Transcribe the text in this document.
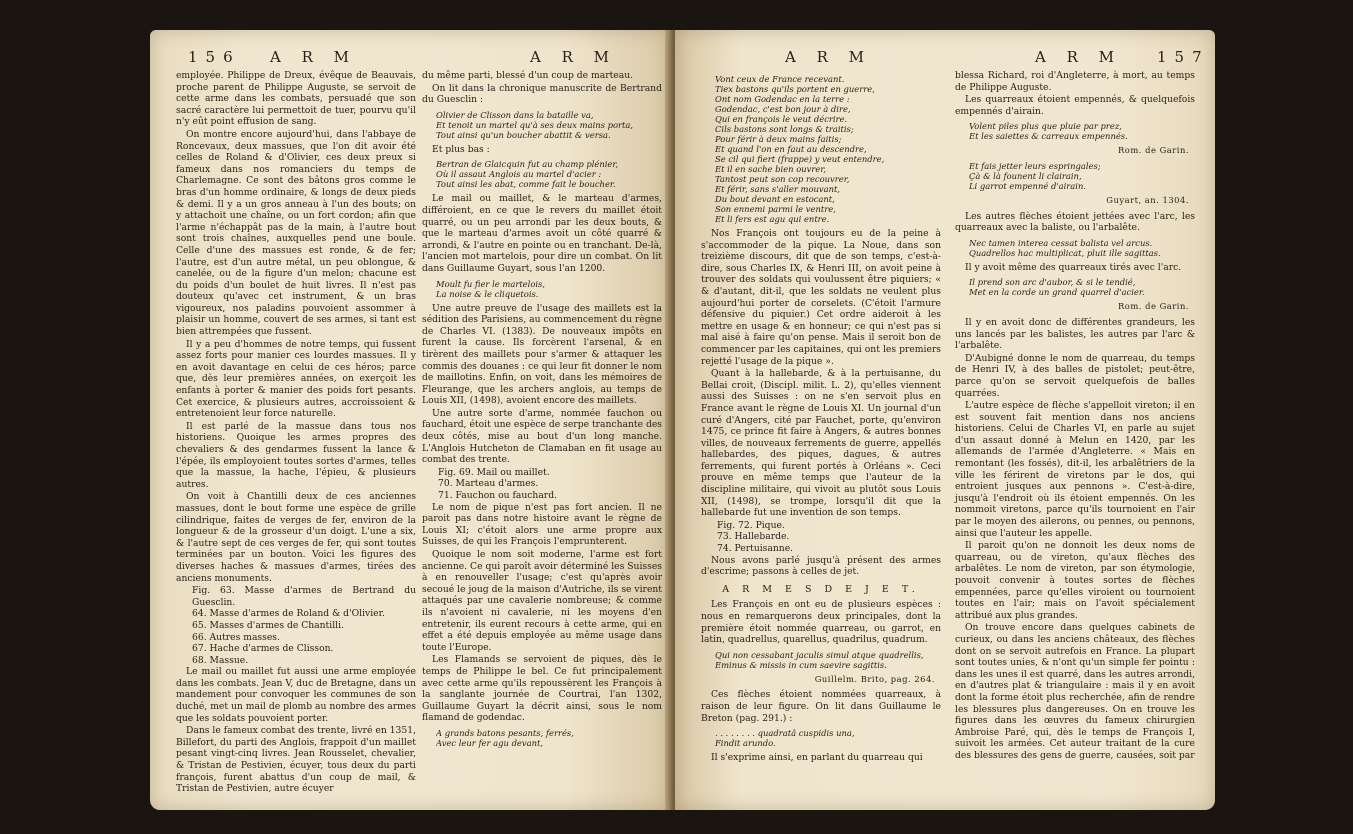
156 A R M	A R M

employée. Philippe de Dreux, évêque de Beauvais, proche parent de Philippe Auguste, se servoit de cette arme dans les combats, persuadé que son sacré caractère lui permettoit de tuer, pourvu qu'il n'y eût point effusion de sang.

On montre encore aujourd'hui, dans l'abbaye de Roncevaux, deux massues, que l'on dit avoir été celles de Roland & d'Olivier, ces deux preux si fameux dans nos romanciers du temps de Charlemagne. Ce sont des bâtons gros comme le bras d'un homme ordinaire, & longs de deux pieds & demi. Il y a un gros anneau à l'un des bouts; on y attachoit une chaîne, ou un fort cordon; afin que l'arme n'échappât pas de la main, à l'autre bout sont trois chaînes, auxquelles pend une boule. Celle d'une des massues est ronde, & de fer; l'autre, est d'un autre métal, un peu oblongue, & canelée, ou de la figure d'un melon; chacune est du poids d'un boulet de huit livres. Il n'est pas douteux qu'avec cet instrument, & un bras vigoureux, nos paladins pouvoient assommer à plaisir un homme, couvert de ses armes, si tant est bien attrempées que fussent.

Il y a peu d'hommes de notre temps, qui fussent assez forts pour manier ces lourdes massues. Il y en avoit davantage en celui de ces héros; parce que, dès leur premières années, on exerçoit les enfants à porter & manier des poids fort pesants. Cet exercice, & plusieurs autres, accroissoient & entretenoient leur force naturelle.

Il est parlé de la massue dans tous nos historiens. Quoique les armes propres des chevaliers & des gendarmes fussent la lance & l'épée, ils employoient toutes sortes d'armes, telles que la massue, la hache, l'épieu, & plusieurs autres.

On voit à Chantilli deux de ces anciennes massues, dont le bout forme une espèce de grille cilindrique, faites de verges de fer, environ de la longueur & de la grosseur d'un doigt. L'une a six, & l'autre sept de ces verges de fer, qui sont toutes terminées par un bouton. Voici les figures des diverses haches & massues d'armes, tirées des anciens monuments.

Fig. 63. Masse d'armes de Bertrand du Guesclin.
64. Masse d'armes de Roland & d'Olivier.
65. Masses d'armes de Chantilli.
66. Autres masses.
67. Hache d'armes de Clisson.
68. Massue.

Le mail ou maillet fut aussi une arme employée dans les combats. Jean V, duc de Bretagne, dans un mandement pour convoquer les communes de son duché, met un mail de plomb au nombre des armes que les soldats pouvoient porter.

Dans le fameux combat des trente, livré en 1351, Billefort, du parti des Anglois, frappoit d'un maillet pesant vingt-cinq livres. Jean Rousselet, chevalier, & Tristan de Pestivien, écuyer, tous deux du parti françois, furent abattus d'un coup de mail, & Tristan de Pestivien, autre écuyer

du même parti, blessé d'un coup de marteau.

On lit dans la chronique manuscrite de Bertrand du Guesclin :

Olivier de Clisson dans la bataille va,
Et tenoit un martel qu'à ses deux mains porta,
Tout ainsi qu'un boucher abattit & versa.

Et plus bas :

Bertran de Glaicquin fut au champ plénier,
Où il assaut Anglois au martel d'acier :
Tout ainsi les abat, comme fait le boucher.

Le mail ou maillet, & le marteau d'armes, différoient, en ce que le revers du maillet étoit quarré, ou un peu arrondi par les deux bouts, & que le marteau d'armes avoit un côté quarré & arrondi, & l'autre en pointe ou en tranchant. De-là, l'ancien mot martelois, pour dire un combat. On lit dans Guillaume Guyart, sous l'an 1200.

Moult fu fier le martelois,
La noise & le cliquetois.

Une autre preuve de l'usage des maillets est la sédition des Parisiens, au commencement du règne de Charles VI. (1383). De nouveaux impôts en furent la cause. Ils forcèrent l'arsenal, & en tirèrent des maillets pour s'armer & attaquer les commis des douanes : ce qui leur fit donner le nom de maillotins. Enfin, on voit, dans les mémoires de Fleurange, que les archers anglois, au temps de Louis XII, (1498), avoient encore des maillets.

Une autre sorte d'arme, nommée fauchon ou fauchard, étoit une espèce de serpe tranchante des deux côtés, mise au bout d'un long manche. L'Anglois Hutcheton de Clamaban en fit usage au combat des trente.

Fig. 69. Mail ou maillet.
70. Marteau d'armes.
71. Fauchon ou fauchard.

Le nom de pique n'est pas fort ancien. Il ne paroit pas dans notre histoire avant le règne de Louis XI; c'étoit alors une arme propre aux Suisses, de qui les François l'emprunterent.

Quoique le nom soit moderne, l'arme est fort ancienne. Ce qui paroît avoir déterminé les Suisses à en renouveller l'usage; c'est qu'après avoir secoué le joug de la maison d'Autriche, ils se virent attaqués par une cavalerie nombreuse; & comme ils n'avoient ni cavalerie, ni les moyens d'en entretenir, ils eurent recours à cette arme, qui en effet a été depuis employée au même usage dans toute l'Europe.

Les Flamands se servoient de piques, dès le temps de Philippe le bel. Ce fut principalement avec cette arme qu'ils repoussèrent les François à la sanglante journée de Courtrai, l'an 1302, Guillaume Guyart la décrit ainsi, sous le nom flamand de godendac.

A grands batons pesants, ferrés,
Avec leur fer agu devant,
A R M	A R M 157
Vont ceux de France recevant.
Tiex bastons qu'ils portent en guerre,
Ont nom Godendac en la terre :
Godendac, c'est bon jour à dire,
Qui en françois le veut décrire.
Cils bastons sont longs & traitis;
Pour férir à deux mains faitis;
Et quand l'on en faut au descendre,
Se cil qui fiert (frappe) y veut entendre,
Et il en sache bien ouvrer,
Tantost peut son cop recouvrer,
Et férir, sans s'aller mouvant,
Du bout devant en estocant,
Son ennemi parmi le ventre,
Et li fers est agu qui entre.

Nos François ont toujours eu de la peine à s'accommoder de la pique. La Noue, dans son treizième discours, dit que de son temps, c'est-à-dire, sous Charles IX, & Henri III, on avoit peine à trouver des soldats qui voulussent être piquiers; « & d'autant, dit-il, que les soldats ne veulent plus aujourd'hui porter de corselets. (C'étoit l'armure défensive du piquier.) Cet ordre aideroit à les mettre en usage & en honneur; ce qui n'est pas si mal aisé à faire qu'on pense. Mais il seroit bon de commencer par les capitaines, qui ont les premiers rejetté l'usage de la pique ».

Quant à la hallebarde, & à la pertuisanne, du Bellai croit, (Discipl. milit. L. 2), qu'elles viennent aussi des Suisses : on ne s'en servoit plus en France avant le règne de Louis XI. Un journal d'un curé d'Angers, cité par Fauchet, porte, qu'environ 1475, ce prince fit faire à Angers, & autres bonnes villes, de nouveaux ferrements de guerre, appellés hallebardes, des piques, dagues, & autres ferrements, qui furent portés à Orléans ». Ceci prouve en même temps que l'auteur de la discipline militaire, qui vivoit au plutôt sous Louis XII, (1498), se trompe, lorsqu'il dit que la hallebarde fut une invention de son temps.

Fig. 72. Pique.
73. Hallebarde.
74. Pertuisanne.

Nous avons parlé jusqu'à présent des armes d'escrime; passons à celles de jet.

A R M E S D E J E T.

Les François en ont eu de plusieurs espèces : nous en remarquerons deux principales, dont la première étoit nommée quarreau, ou garrot, en latin, quadrellus, quarellus, quadrilus, quadrum.

Qui non cessabant jaculis simul atque quadrellis,
Eminus & missis in cum saevire sagittis.
Guillelm. Brito, pag. 264.

Ces flèches étoient nommées quarreaux, à raison de leur figure. On lit dans Guillaume le Breton (pag. 291.) :

. . . . . . . . quadratâ cuspidis una,
Findit arundo.

Il s'exprime ainsi, en parlant du quarreau qui

blessa Richard, roi d'Angleterre, à mort, au temps de Philippe Auguste.

Les quarreaux étoient empennés, & quelquefois empennés d'airain.

Volent piles plus que pluie par prez,
Et les saiettes & carreaux empennés.
Rom. de Garin.
Et fais jetter leurs espringales;
Çà & là founent li clairain,
Li garrot empenné d'airain.
Guyart, an. 1304.

Les autres flèches étoient jettées avec l'arc, les quarreaux avec la baliste, ou l'arbalête.

Nec tamen interea cessat balista vel arcus.
Quadrellos hac multiplicat, pluit ille sagittas.

Il y avoit même des quarreaux tirés avec l'arc.

Il prend son arc d'aubor, & si le tendié,
Met en la corde un grand quarrel d'acier.
Rom. de Garin.

Il y en avoit donc de différentes grandeurs, les uns lancés par les balistes, les autres par l'arc & l'arbalête.

D'Aubigné donne le nom de quarreau, du temps de Henri IV, à des balles de pistolet; peut-être, parce qu'on se servoit quelquefois de balles quarrées.

L'autre espèce de flèche s'appelloit vireton; il en est souvent fait mention dans nos anciens historiens. Celui de Charles VI, en parle au sujet d'un assaut donné à Melun en 1420, par les allemands de l'armée d'Angleterre. « Mais en remontant (les fossés), dit-il, les arbalêtriers de la ville les férirent de viretons par le dos, qui entroient jusques aux pennons ». C'est-à-dire, jusqu'à l'endroit où ils étoient empennés. On les nommoit viretons, parce qu'ils tournoient en l'air par le moyen des ailerons, ou pennes, ou pennons, ainsi que l'auteur les appelle.

Il paroit qu'on ne donnoit les deux noms de quarreau, ou de vireton, qu'aux flèches des arbalêtes. Le nom de vireton, par son étymologie, pouvoit convenir à toutes sortes de flèches empennées, parce qu'elles viroient ou tournoient toutes en l'air; mais on l'avoit spécialement attribué aux plus grandes.

On trouve encore dans quelques cabinets de curieux, ou dans les anciens châteaux, des flèches dont on se servoit autrefois en France. La plupart sont toutes unies, & n'ont qu'un simple fer pointu : dans les unes il est quarré, dans les autres arrondi, en d'autres plat & triangulaire : mais il y en avoit dont la forme étoit plus recherchée, afin de rendre les blessures plus dangereuses. On en trouve les figures dans les œuvres du fameux chirurgien Ambroise Paré, qui, dès le temps de François I, suivoit les armées. Cet auteur traitant de la cure des blessures des gens de guerre, causées, soit par
